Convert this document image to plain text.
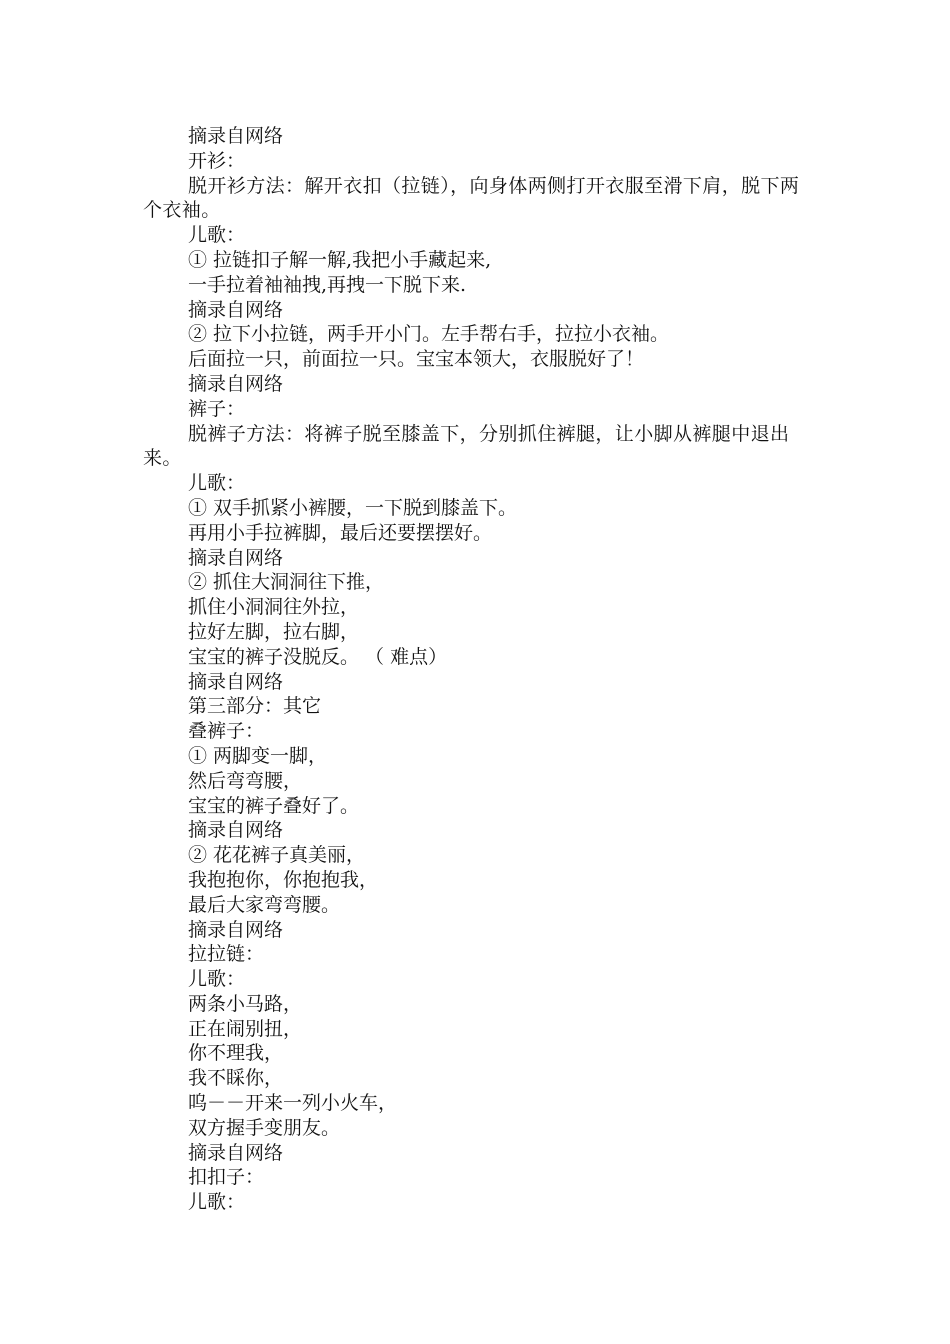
摘录自网络

开衫：

脱开衫方法：解开衣扣（拉链），向身体两侧打开衣服至滑下肩，脱下两个衣袖。

儿歌：

① 拉链扣子解一解,我把小手藏起来,

一手拉着袖袖拽,再拽一下脱下来.

摘录自网络

② 拉下小拉链，两手开小门。左手帮右手，拉拉小衣袖。

后面拉一只，前面拉一只。宝宝本领大，衣服脱好了！

摘录自网络

裤子：

脱裤子方法：将裤子脱至膝盖下，分别抓住裤腿，让小脚从裤腿中退出来。

儿歌：

① 双手抓紧小裤腰，一下脱到膝盖下。

再用小手拉裤脚，最后还要摆摆好。

摘录自网络

② 抓住大洞洞往下推，

抓住小洞洞往外拉，

拉好左脚，拉右脚，

宝宝的裤子没脱反。 （ 难点）

摘录自网络

第三部分：其它

叠裤子：

① 两脚变一脚，

然后弯弯腰，

宝宝的裤子叠好了。

摘录自网络

② 花花裤子真美丽，

我抱抱你，你抱抱我，

最后大家弯弯腰。

摘录自网络

拉拉链：

儿歌：

两条小马路，

正在闹别扭，

你不理我，

我不睬你，

呜－－开来一列小火车，

双方握手变朋友。

摘录自网络

扣扣子：

儿歌：
